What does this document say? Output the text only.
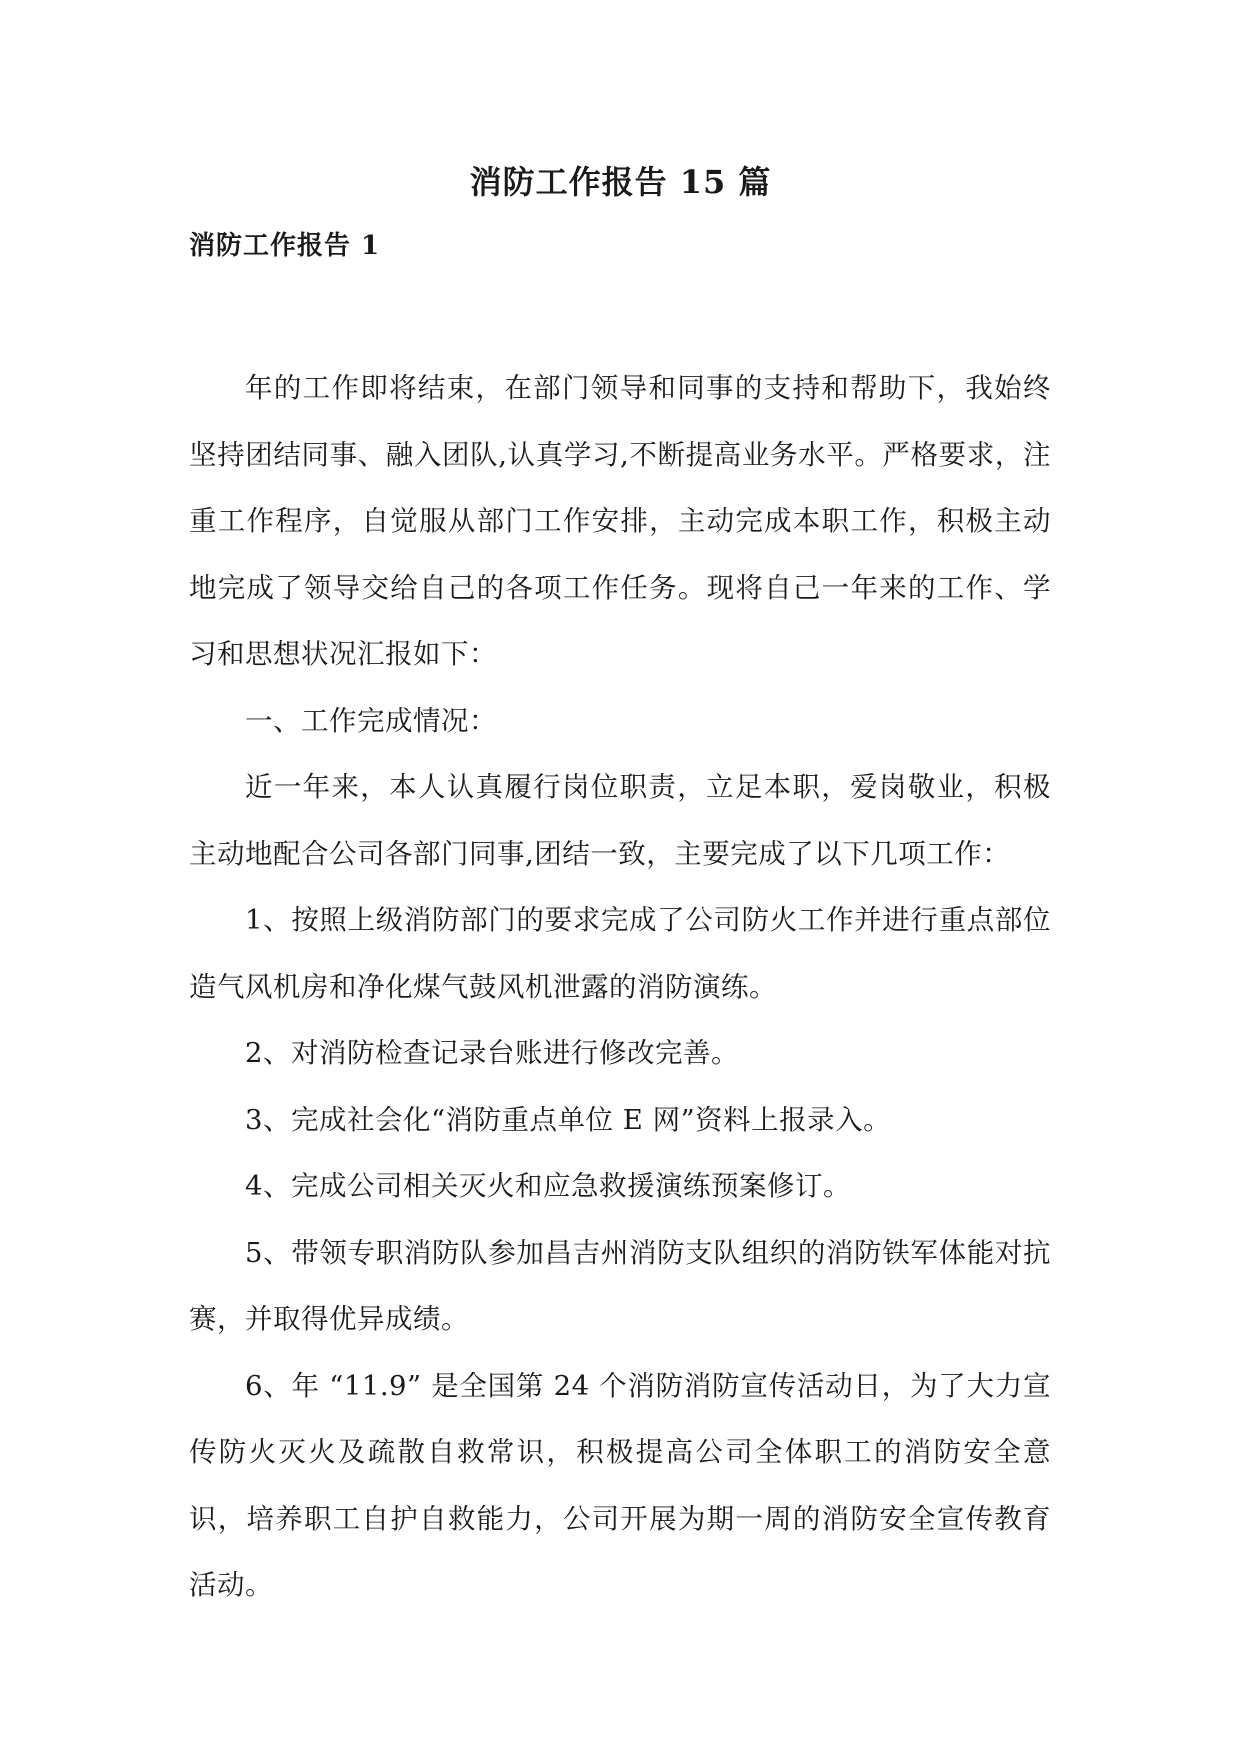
消防工作报告 15 篇
消防工作报告 1

年的工作即将结束，在部门领导和同事的支持和帮助下，我始终坚持团结同事、融入团队,认真学习,不断提高业务水平。严格要求，注重工作程序，自觉服从部门工作安排，主动完成本职工作，积极主动地完成了领导交给自己的各项工作任务。现将自己一年来的工作、学习和思想状况汇报如下：

一、工作完成情况：

近一年来，本人认真履行岗位职责，立足本职，爱岗敬业，积极主动地配合公司各部门同事,团结一致，主要完成了以下几项工作：

1、按照上级消防部门的要求完成了公司防火工作并进行重点部位造气风机房和净化煤气鼓风机泄露的消防演练。

2、对消防检查记录台账进行修改完善。

3、完成社会化“消防重点单位 E 网”资料上报录入。

4、完成公司相关灭火和应急救援演练预案修订。

5、带领专职消防队参加昌吉州消防支队组织的消防铁军体能对抗赛，并取得优异成绩。

6、年 “11.9” 是全国第 24 个消防消防宣传活动日，为了大力宣传防火灭火及疏散自救常识，积极提高公司全体职工的消防安全意识，培养职工自护自救能力，公司开展为期一周的消防安全宣传教育活动。
